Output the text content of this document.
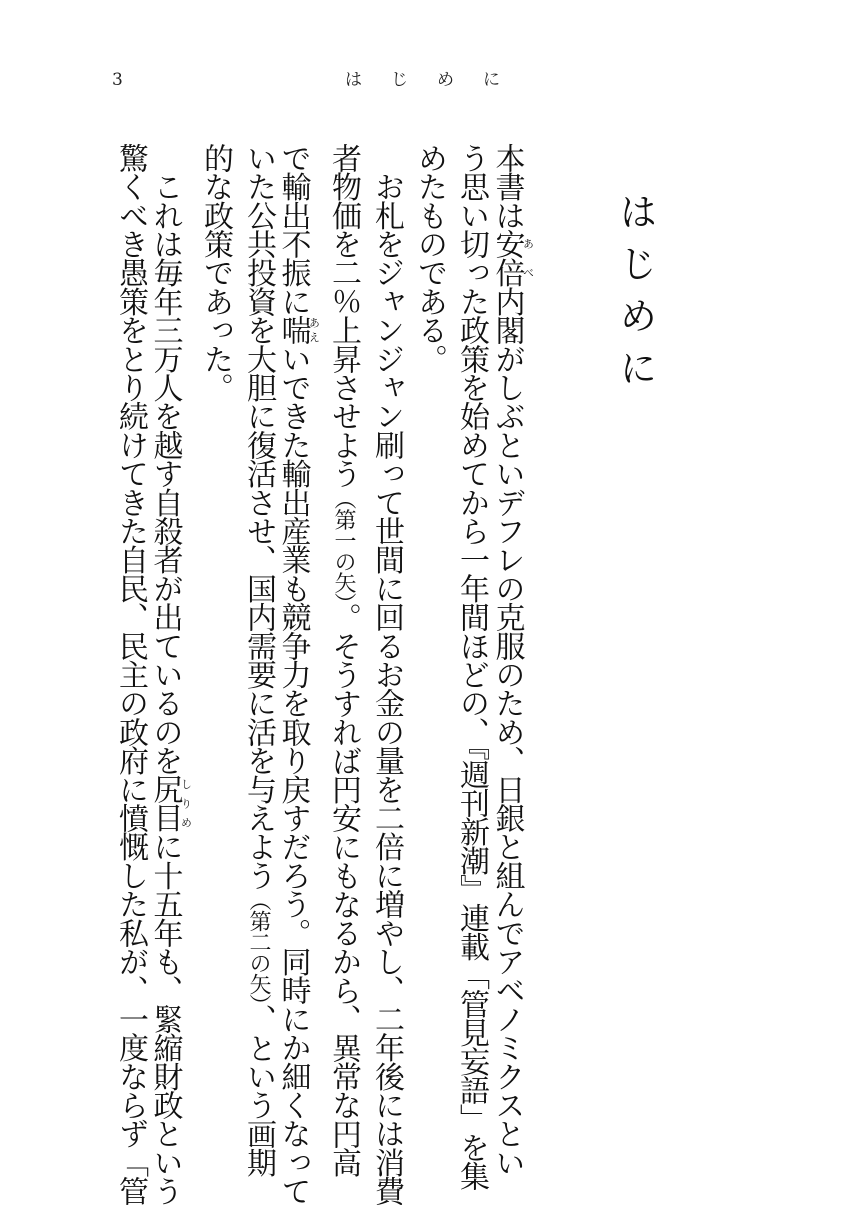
3	は じ め に
はじめに
本書は安倍あべ内閣がしぶといデフレの克服のため、日銀と組んでアベノミクスとい
う思い切った政策を始めてから一年間ほどの、『週刊新潮』連載「管見妄語」を集
めたものである。
　お札をジャンジャン刷って世間に回るお金の量を二倍に増やし、二年後には消費
者物価を二％上昇させよう（第一の矢）。そうすれば円安にもなるから、異常な円高
で輸出不振に喘あえいできた輸出産業も競争力を取り戻すだろう。同時にか細くなって
いた公共投資を大胆に復活させ、国内需要に活を与えよう（第二の矢）、という画期
的な政策であった。
　これは毎年三万人を越す自殺者が出ているのを尻目しりめに十五年も、緊縮財政という
驚くべき愚策をとり続けてきた自民、民主の政府に憤慨した私が、一度ならず「管
